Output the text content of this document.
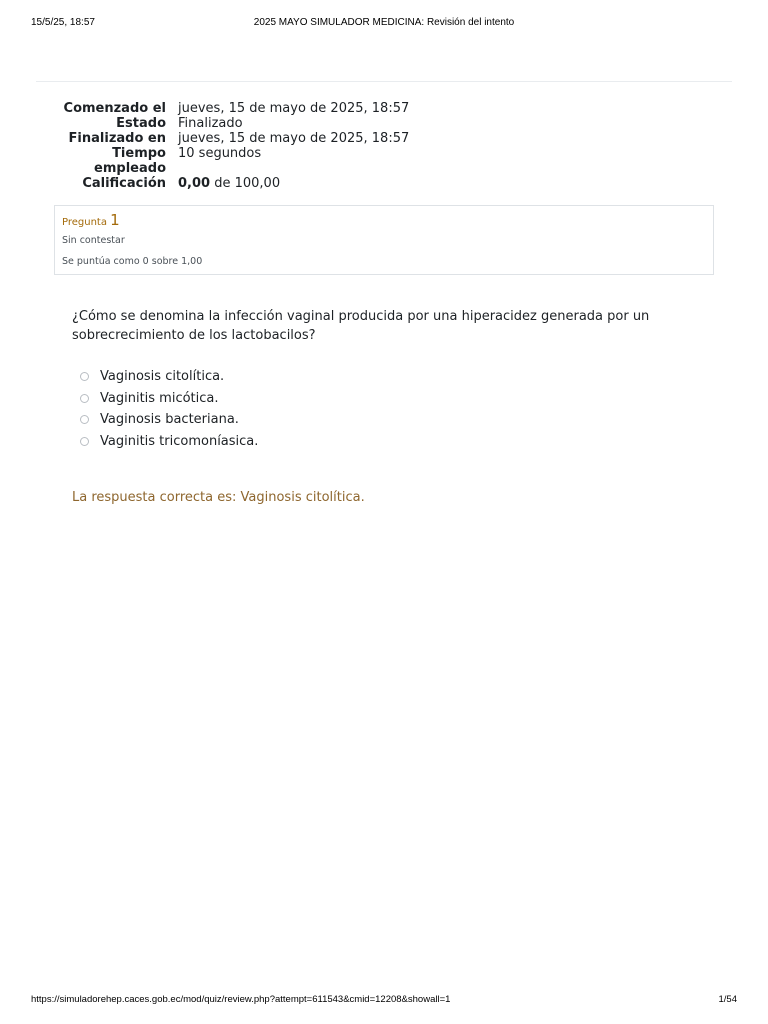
15/5/25, 18:57	2025 MAYO SIMULADOR MEDICINA: Revisión del intento
Comenzado el jueves, 15 de mayo de 2025, 18:57
Estado Finalizado
Finalizado en jueves, 15 de mayo de 2025, 18:57
Tiempo empleado
10 segundos
Calificación 0,00 de 100,00
Pregunta 1
Sin contestar
Se puntúa como 0 sobre 1,00
¿Cómo se denomina la infección vaginal producida por una hiperacidez generada por un sobrecrecimiento de los lactobacilos?
Vaginosis citolítica.
Vaginitis micótica.
Vaginosis bacteriana.
Vaginitis tricomoníasica.
La respuesta correcta es: Vaginosis citolítica.
https://simuladorehep.caces.gob.ec/mod/quiz/review.php?attempt=611543&cmid=12208&showall=1	1/54
